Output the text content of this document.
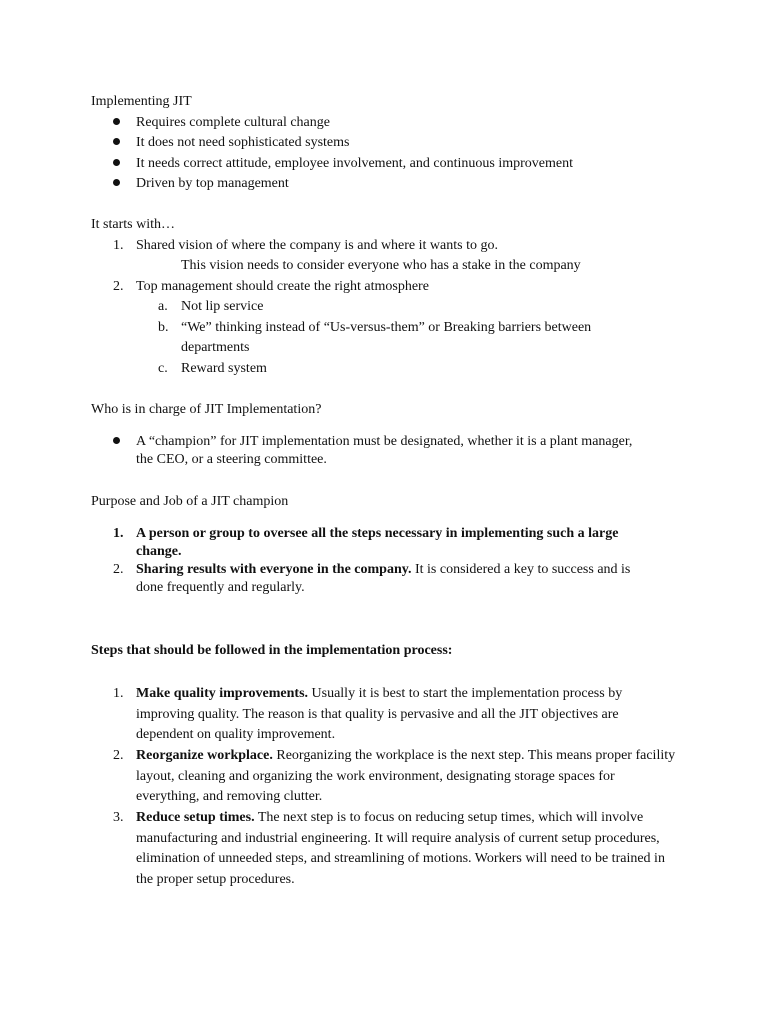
Implementing JIT
Requires complete cultural change
It does not need sophisticated systems
It needs correct attitude, employee involvement, and continuous improvement
Driven by top management
It starts with…
1. Shared vision of where the company is and where it wants to go.
This vision needs to consider everyone who has a stake in the company
2. Top management should create the right atmosphere
a. Not lip service
b. “We” thinking instead of “Us-versus-them” or Breaking barriers between
departments
c. Reward system
Who is in charge of JIT Implementation?
A “champion” for JIT implementation must be designated, whether it is a plant manager,
the CEO, or a steering committee.
Purpose and Job of a JIT champion
1. A person or group to oversee all the steps necessary in implementing such a large
change.
2. Sharing results with everyone in the company. It is considered a key to success and is
done frequently and regularly.
Steps that should be followed in the implementation process:
1. Make quality improvements. Usually it is best to start the implementation process by improving quality. The reason is that quality is pervasive and all the JIT objectives are dependent on quality improvement.
2. Reorganize workplace. Reorganizing the workplace is the next step. This means proper facility layout, cleaning and organizing the work environment, designating storage spaces for everything, and removing clutter.
3. Reduce setup times. The next step is to focus on reducing setup times, which will involve manufacturing and industrial engineering. It will require analysis of current setup procedures, elimination of unneeded steps, and streamlining of motions. Workers will need to be trained in the proper setup procedures.
